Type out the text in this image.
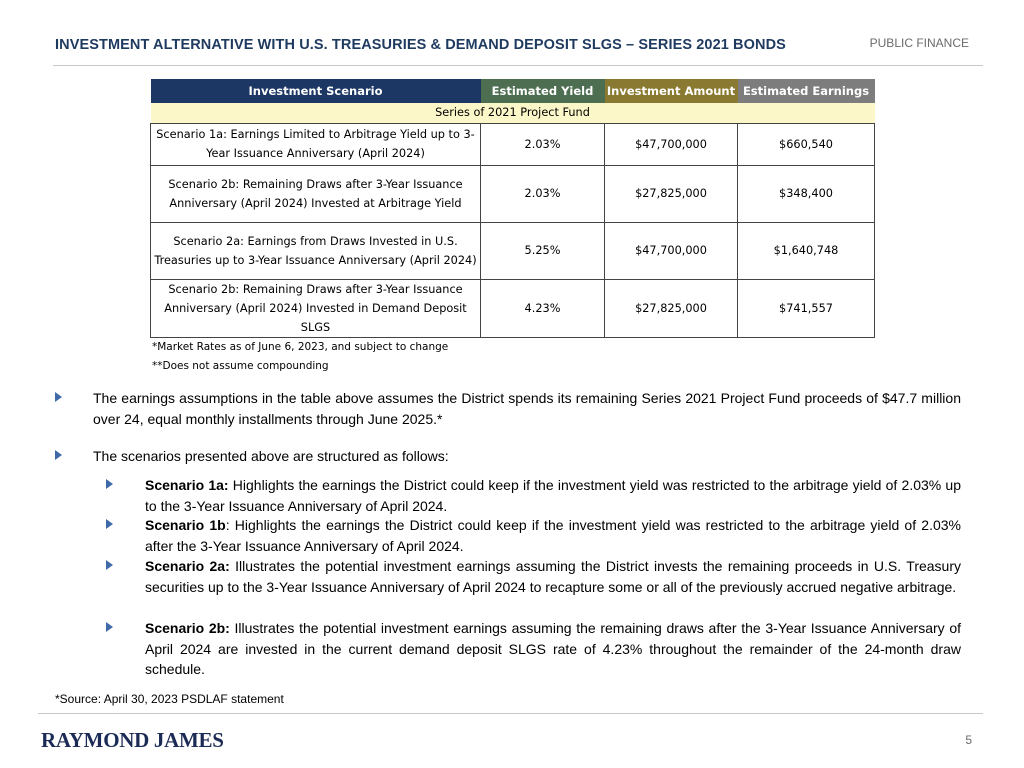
INVESTMENT ALTERNATIVE WITH U.S. TREASURIES & DEMAND DEPOSIT SLGS – SERIES 2021 BONDS	PUBLIC FINANCE
Investment Scenario	Estimated Yield	Investment Amount	Estimated Earnings
Series of 2021 Project Fund			
Scenario 1a: Earnings Limited to Arbitrage Yield up to 3-Year Issuance Anniversary (April 2024)	2.03%	$47,700,000	$660,540
Scenario 2b: Remaining Draws after 3-Year Issuance Anniversary (April 2024) Invested at Arbitrage Yield	2.03%	$27,825,000	$348,400
Scenario 2a: Earnings from Draws Invested in U.S. Treasuries up to 3-Year Issuance Anniversary (April 2024)	5.25%	$47,700,000	$1,640,748
Scenario 2b: Remaining Draws after 3-Year Issuance Anniversary (April 2024) Invested in Demand Deposit SLGS	4.23%	$27,825,000	$741,557
*Market Rates as of June 6, 2023, and subject to change
**Does not assume compounding
The earnings assumptions in the table above assumes the District spends its remaining Series 2021 Project Fund proceeds of $47.7 million over 24, equal monthly installments through June 2025.*
The scenarios presented above are structured as follows:
Scenario 1a: Highlights the earnings the District could keep if the investment yield was restricted to the arbitrage yield of 2.03% up to the 3-Year Issuance Anniversary of April 2024.
Scenario 1b: Highlights the earnings the District could keep if the investment yield was restricted to the arbitrage yield of 2.03% after the 3-Year Issuance Anniversary of April 2024.
Scenario 2a: Illustrates the potential investment earnings assuming the District invests the remaining proceeds in U.S. Treasury securities up to the 3-Year Issuance Anniversary of April 2024 to recapture some or all of the previously accrued negative arbitrage.
Scenario 2b: Illustrates the potential investment earnings assuming the remaining draws after the 3-Year Issuance Anniversary of April 2024 are invested in the current demand deposit SLGS rate of 4.23% throughout the remainder of the 24-month draw schedule.
*Source: April 30, 2023 PSDLAF statement
RAYMOND JAMES	5
